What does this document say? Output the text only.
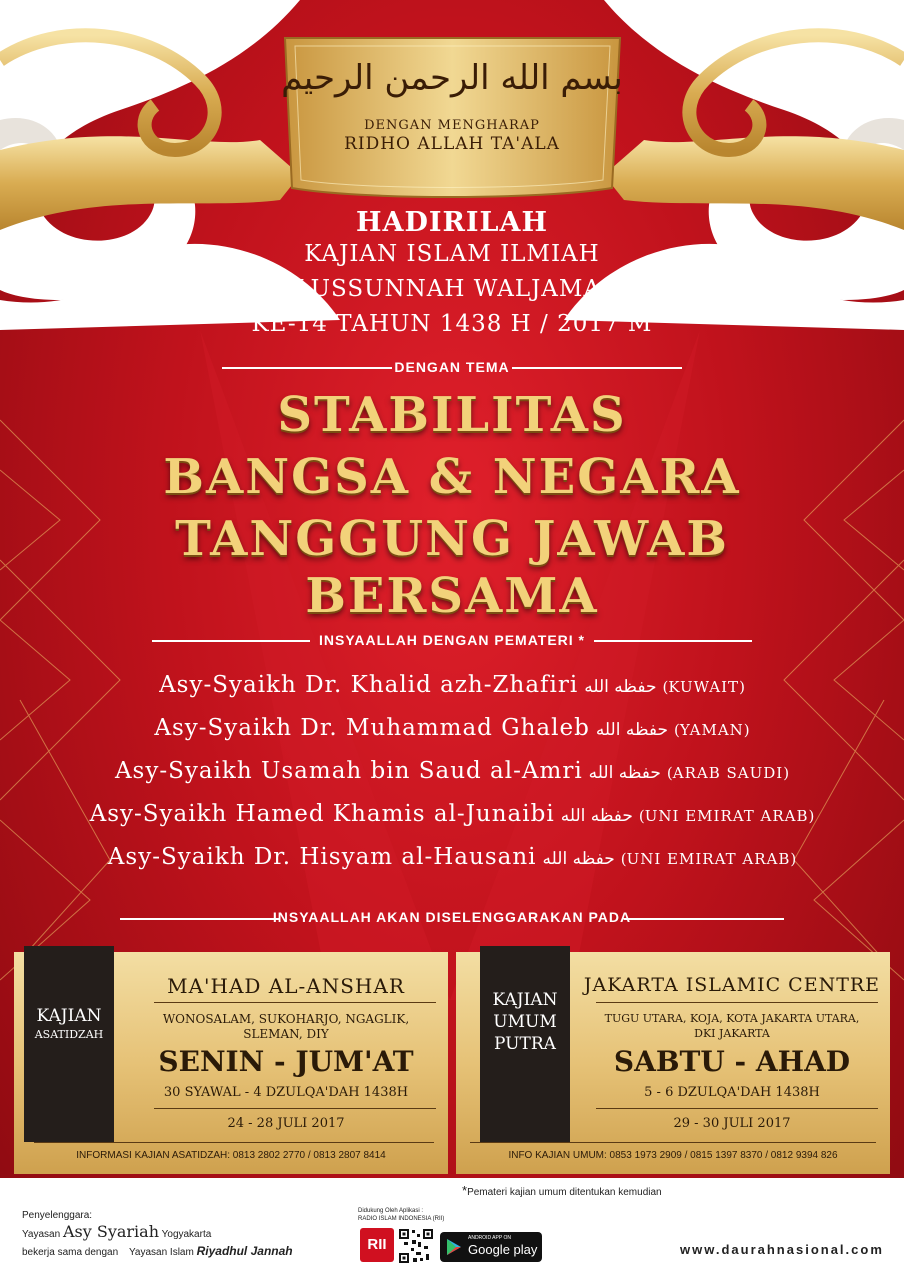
بسم الله الرحمن الرحيم
DENGAN MENGHARAP
RIDHO ALLAH TA'ALA
HADIRILAH
KAJIAN ISLAM ILMIAH
AHLUSSUNNAH WALJAMA'AH
KE-14 TAHUN 1438 H / 2017 M
DENGAN TEMA
STABILITAS
BANGSA & NEGARA
TANGGUNG JAWAB
BERSAMA
INSYAALLAH DENGAN PEMATERI *
Asy-Syaikh Dr. Khalid azh-Zhafiri حفظه الله (KUWAIT)
Asy-Syaikh Dr. Muhammad Ghaleb حفظه الله (YAMAN)
Asy-Syaikh Usamah bin Saud al-Amri حفظه الله (ARAB SAUDI)
Asy-Syaikh Hamed Khamis al-Junaibi حفظه الله (UNI EMIRAT ARAB)
Asy-Syaikh Dr. Hisyam al-Hausani حفظه الله (UNI EMIRAT ARAB)
INSYAALLAH AKAN DISELENGGARAKAN PADA
KAJIAN
ASATIDZAH
MA'HAD AL-ANSHAR
WONOSALAM, SUKOHARJO, NGAGLIK,
SLEMAN, DIY
SENIN - JUM'AT
30 SYAWAL - 4 DZULQA'DAH 1438H
24 - 28 JULI 2017
INFORMASI KAJIAN ASATIDZAH: 0813 2802 2770 / 0813 2807 8414
KAJIAN
UMUM
PUTRA
JAKARTA ISLAMIC CENTRE
TUGU UTARA, KOJA, KOTA JAKARTA UTARA,
DKI JAKARTA
SABTU - AHAD
5 - 6 DZULQA'DAH 1438H
29 - 30 JULI 2017
INFO KAJIAN UMUM: 0853 1973 2909 / 0815 1397 8370 / 0812 9394 826
*Pemateri kajian umum ditentukan kemudian
Penyelenggara:
Yayasan Asy Syariah Yogyakarta
bekerja sama dengan Yayasan Islam Riyadhul Jannah
Didukung Oleh Aplikasi :
RADIO ISLAM INDONESIA (RII)
RII	ANDROID APP ON
Google play	www.daurahnasional.com
